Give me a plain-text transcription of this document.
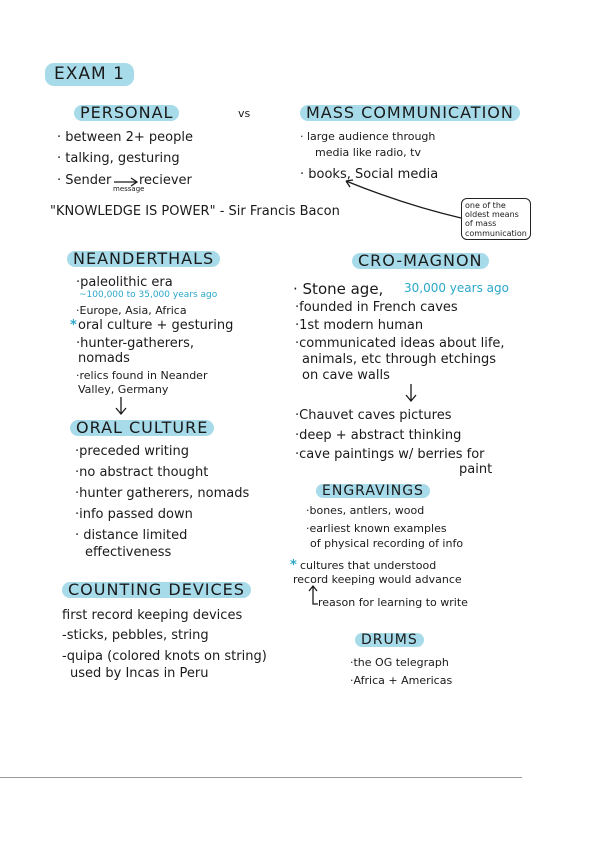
EXAM 1
PERSONAL	vs	MASS COMMUNICATION
· between 2+ people
· talking, gesturing
· Sender reciever
message
· large audience through
media like radio, tv
· books, Social media
one of the oldest means of mass communication
"KNOWLEDGE IS POWER" - Sir Francis Bacon
NEANDERTHALS
·paleolithic era
~100,000 to 35,000 years ago
·Europe, Asia, Africa
* oral culture + gesturing
·hunter-gatherers,
nomads
·relics found in Neander
Valley, Germany
ORAL CULTURE
·preceded writing
·no abstract thought
·hunter gatherers, nomads
·info passed down
· distance limited
effectiveness
COUNTING DEVICES
first record keeping devices
-sticks, pebbles, string
-quipa (colored knots on string)
used by Incas in Peru
CRO-MAGNON
· Stone age, 30,000 years ago
·founded in French caves
·1st modern human
·communicated ideas about life,
animals, etc through etchings
on cave walls
·Chauvet caves pictures
·deep + abstract thinking
·cave paintings w/ berries for
paint
ENGRAVINGS
·bones, antlers, wood
·earliest known examples
of physical recording of info
* cultures that understood
record keeping would advance
reason for learning to write
DRUMS
·the OG telegraph
·Africa + Americas
